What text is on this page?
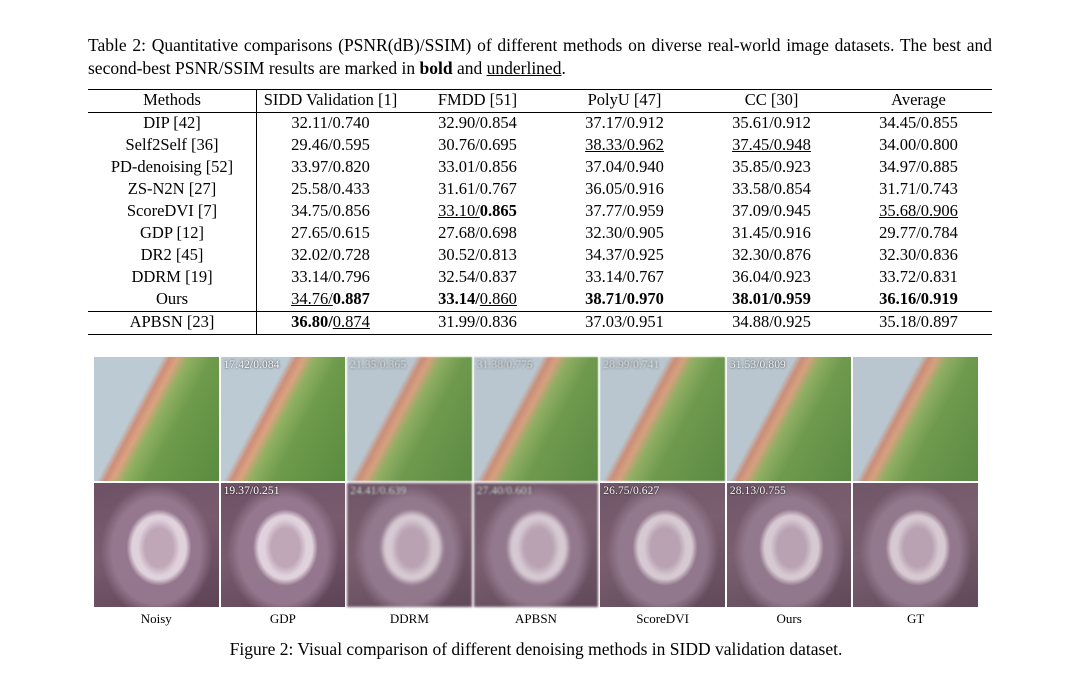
Table 2: Quantitative comparisons (PSNR(dB)/SSIM) of different methods on diverse real-world image datasets. The best and second-best PSNR/SSIM results are marked in bold and underlined.

Methods	SIDD Validation [1]	FMDD [51]	PolyU [47]	CC [30]	Average
DIP [42]	32.11/0.740	32.90/0.854	37.17/0.912	35.61/0.912	34.45/0.855
Self2Self [36]	29.46/0.595	30.76/0.695	38.33/0.962	37.45/0.948	34.00/0.800
PD-denoising [52]	33.97/0.820	33.01/0.856	37.04/0.940	35.85/0.923	34.97/0.885
ZS-N2N [27]	25.58/0.433	31.61/0.767	36.05/0.916	33.58/0.854	31.71/0.743
ScoreDVI [7]	34.75/0.856	33.10/0.865	37.77/0.959	37.09/0.945	35.68/0.906
GDP [12]	27.65/0.615	27.68/0.698	32.30/0.905	31.45/0.916	29.77/0.784
DR2 [45]	32.02/0.728	30.52/0.813	34.37/0.925	32.30/0.876	32.30/0.836
DDRM [19]	33.14/0.796	32.54/0.837	33.14/0.767	36.04/0.923	33.72/0.831
Ours	34.76/0.887	33.14/0.860	38.71/0.970	38.01/0.959	36.16/0.919
APBSN [23]	36.80/0.874	31.99/0.836	37.03/0.951	34.88/0.925	35.18/0.897
17.42/0.084	21.35/0.365	31.38/0.775	28.99/0.741	31.53/0.809
19.37/0.251	24.41/0.639	27.40/0.601	26.75/0.627	28.13/0.755
Noisy	GDP	DDRM	APBSN	ScoreDVI	Ours	GT
Figure 2: Visual comparison of different denoising methods in SIDD validation dataset.
